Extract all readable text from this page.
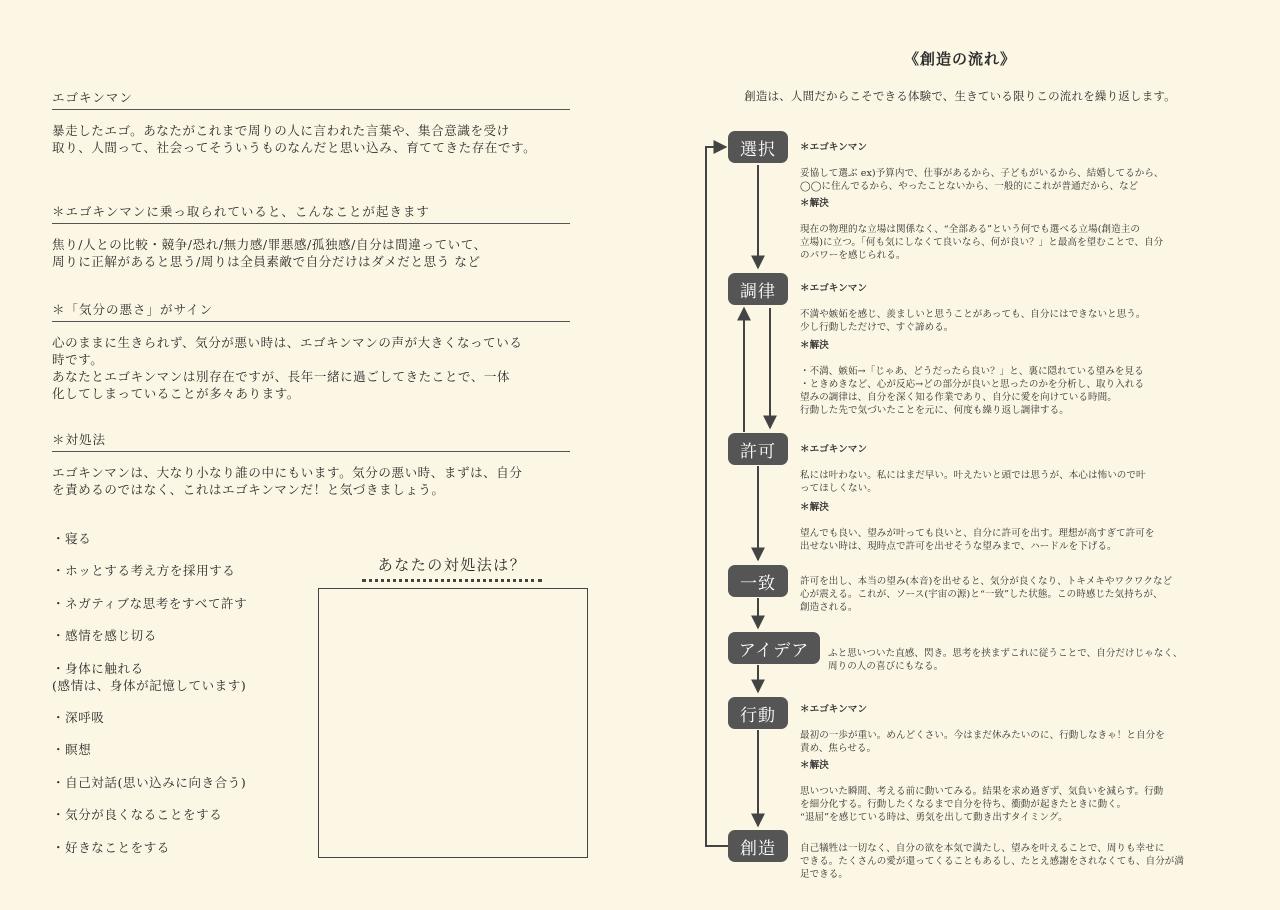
エゴキンマン
暴走したエゴ。あなたがこれまで周りの人に言われた言葉や、集合意識を受け
取り、人間って、社会ってそういうものなんだと思い込み、育ててきた存在です。
＊エゴキンマンに乗っ取られていると、こんなことが起きます
焦り/人との比較・競争/恐れ/無力感/罪悪感/孤独感/自分は間違っていて、
周りに正解があると思う/周りは全員素敵で自分だけはダメだと思う など
＊「気分の悪さ」がサイン
心のままに生きられず、気分が悪い時は、エゴキンマンの声が大きくなっている
時です。
あなたとエゴキンマンは別存在ですが、長年一緒に過ごしてきたことで、一体
化してしまっていることが多々あります。
＊対処法
エゴキンマンは、大なり小なり誰の中にもいます。気分の悪い時、まずは、自分
を責めるのではなく、これはエゴキンマンだ！と気づきましょう。
・寝る
・ホッとする考え方を採用する
・ネガティブな思考をすべて許す
・感情を感じ切る
・身体に触れる
(感情は、身体が記憶しています)
・深呼吸
・瞑想
・自己対話(思い込みに向き合う)
・気分が良くなることをする
・好きなことをする
あなたの対処法は？
《創造の流れ》
創造は、人間だからこそできる体験で、生きている限りこの流れを繰り返します。
選択
調律
許可
一致
アイデア
行動
創造

＊エゴキンマン

妥協して選ぶ ex)予算内で、仕事があるから、子どもがいるから、結婚してるから、
◯◯に住んでるから、やったことないから、一般的にこれが普通だから、など

＊解決

現在の物理的な立場は関係なく、“全部ある”という何でも選べる立場(創造主の
立場)に立つ。「何も気にしなくて良いなら、何が良い？」と最高を望むことで、自分
のパワーを感じられる。

＊エゴキンマン

不満や嫉妬を感じ、羨ましいと思うことがあっても、自分にはできないと思う。
少し行動しただけで、すぐ諦める。

＊解決

・不満、嫉妬→「じゃあ、どうだったら良い？」と、裏に隠れている望みを見る
・ときめきなど、心が反応→どの部分が良いと思ったのかを分析し、取り入れる
望みの調律は、自分を深く知る作業であり、自分に愛を向けている時間。
行動した先で気づいたことを元に、何度も繰り返し調律する。

＊エゴキンマン

私には叶わない。私にはまだ早い。叶えたいと頭では思うが、本心は怖いので叶
ってほしくない。

＊解決

望んでも良い、望みが叶っても良いと、自分に許可を出す。理想が高すぎて許可を
出せない時は、現時点で許可を出せそうな望みまで、ハードルを下げる。

許可を出し、本当の望み(本音)を出せると、気分が良くなり、トキメキやワクワクなど
心が震える。これが、ソース(宇宙の源)と“一致”した状態。この時感じた気持ちが、
創造される。

ふと思いついた直感、閃き。思考を挟まずこれに従うことで、自分だけじゃなく、
周りの人の喜びにもなる。

＊エゴキンマン

最初の一歩が重い。めんどくさい。今はまだ休みたいのに、行動しなきゃ！と自分を
責め、焦らせる。

＊解決

思いついた瞬間、考える前に動いてみる。結果を求め過ぎず、気負いを減らす。行動
を細分化する。行動したくなるまで自分を待ち、衝動が起きたときに動く。
“退屈”を感じている時は、勇気を出して動き出すタイミング。

自己犠牲は一切なく、自分の欲を本気で満たし、望みを叶えることで、周りも幸せに
できる。たくさんの愛が還ってくることもあるし、たとえ感謝をされなくても、自分が満
足できる。
